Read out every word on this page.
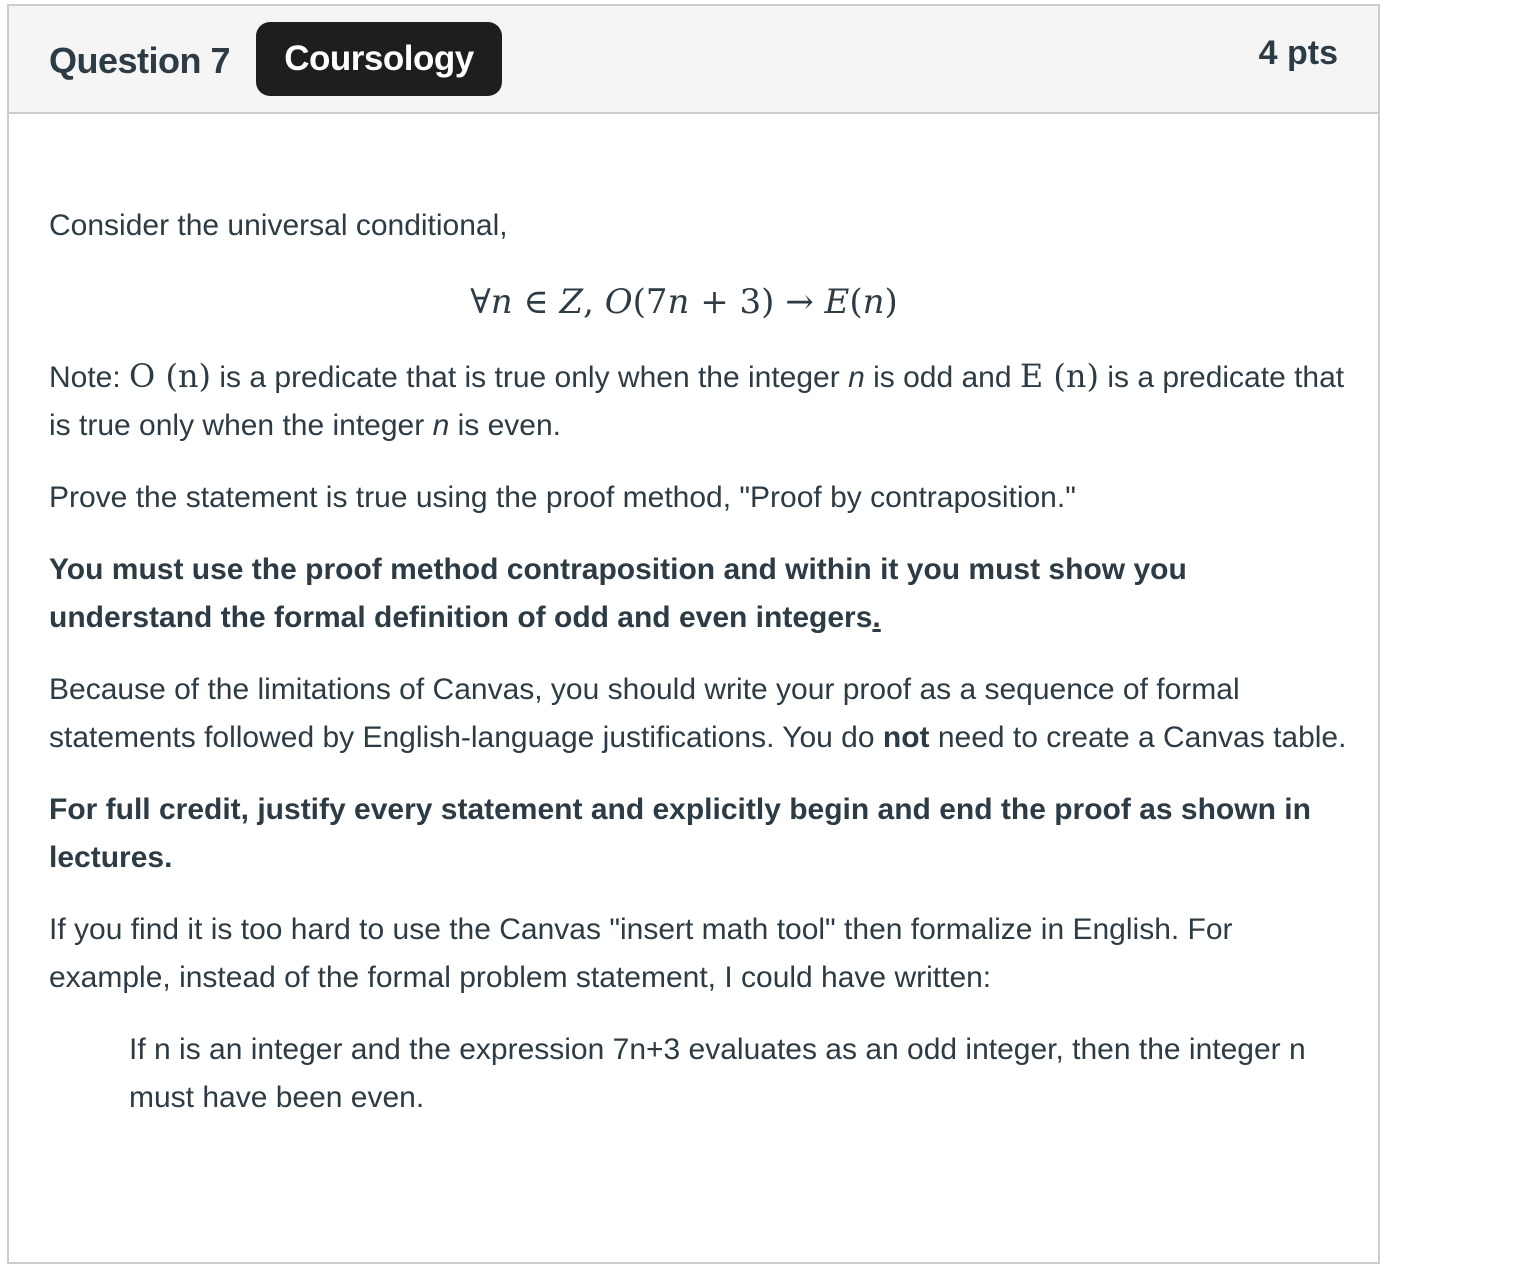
Question 7	Coursology	4 pts

Consider the universal conditional,

∀n ∈ Z, O(7n + 3) → E(n)

Note: O (n) is a predicate that is true only when the integer n is odd and E (n) is a predicate that is true only when the integer n is even.

Prove the statement is true using the proof method, "Proof by contraposition."

You must use the proof method contraposition and within it you must show you understand the formal definition of odd and even integers.

Because of the limitations of Canvas, you should write your proof as a sequence of formal statements followed by English-language justifications. You do not need to create a Canvas table.

For full credit, justify every statement and explicitly begin and end the proof as shown in lectures.

If you find it is too hard to use the Canvas "insert math tool" then formalize in English. For example, instead of the formal problem statement, I could have written:

If n is an integer and the expression 7n+3 evaluates as an odd integer, then the integer n must have been even.
